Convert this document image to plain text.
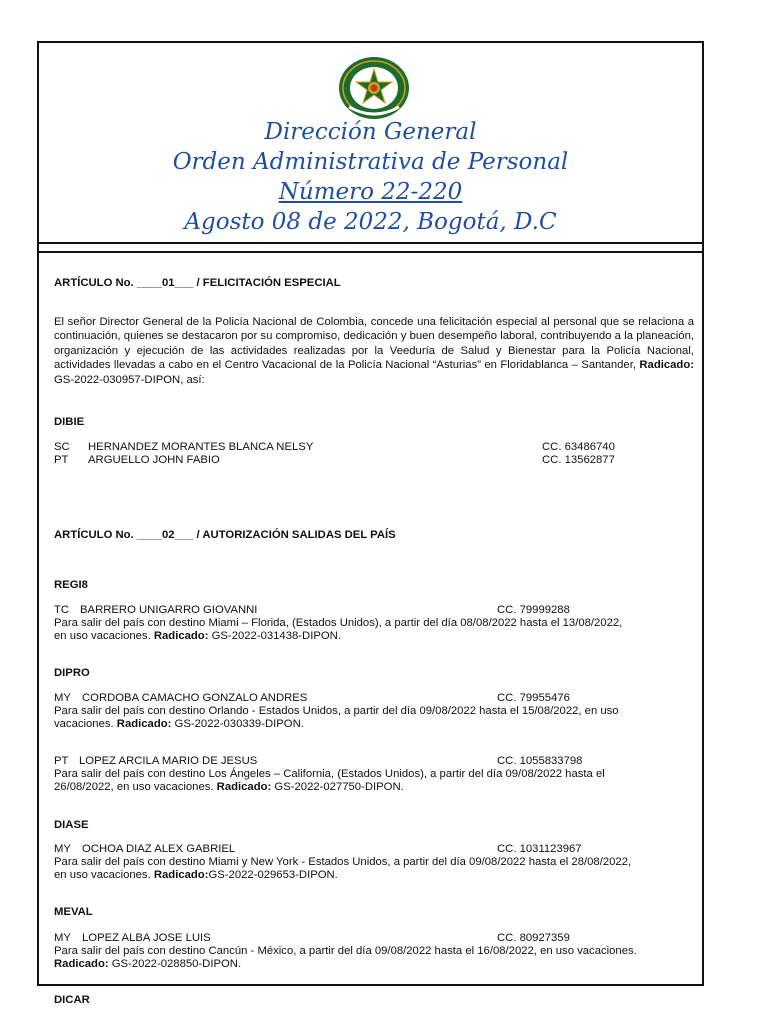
Dirección General
Orden Administrativa de Personal
Número 22-220
Agosto 08 de 2022, Bogotá, D.C
ARTÍCULO No. ____01___ / FELICITACIÓN ESPECIAL
El señor Director General de la Policía Nacional de Colombia, concede una felicitación especial al personal que se relaciona a continuación, quienes se destacaron por su compromiso, dedicación y buen desempeño laboral, contribuyendo a la planeación, organización y ejecución de las actividades realizadas por la Veeduría de Salud y Bienestar para la Policía Nacional, actividades llevadas a cabo en el Centro Vacacional de la Policía Nacional “Asturias” en Floridablanca – Santander, Radicado: GS-2022-030957-DIPON, así:
DIBIE
SC HERNANDEZ MORANTES BLANCA NELSY	CC. 63486740
PT ARGUELLO JOHN FABIO	CC. 13562877
ARTÍCULO No. ____02___ / AUTORIZACIÓN SALIDAS DEL PAÍS
REGI8
TC BARRERO UNIGARRO GIOVANNI	CC. 79999288
Para salir del país con destino Miami – Florida, (Estados Unidos), a partir del día 08/08/2022 hasta el 13/08/2022,
en uso vacaciones. Radicado: GS-2022-031438-DIPON.
DIPRO
MY CORDOBA CAMACHO GONZALO ANDRES	CC. 79955476
Para salir del país con destino Orlando - Estados Unidos, a partir del día 09/08/2022 hasta el 15/08/2022, en uso
vacaciones. Radicado: GS-2022-030339-DIPON.
PT LOPEZ ARCILA MARIO DE JESUS	CC. 1055833798
Para salir del país con destino Los Ángeles – California, (Estados Unidos), a partir del día 09/08/2022 hasta el
26/08/2022, en uso vacaciones. Radicado: GS-2022-027750-DIPON.
DIASE
MY OCHOA DIAZ ALEX GABRIEL	CC. 1031123967
Para salir del país con destino Miami y New York - Estados Unidos, a partir del día 09/08/2022 hasta el 28/08/2022,
en uso vacaciones. Radicado:GS-2022-029653-DIPON.
MEVAL
MY LOPEZ ALBA JOSE LUIS	CC. 80927359
Para salir del país con destino Cancún - México, a partir del día 09/08/2022 hasta el 16/08/2022, en uso vacaciones.
Radicado: GS-2022-028850-DIPON.
DICAR
